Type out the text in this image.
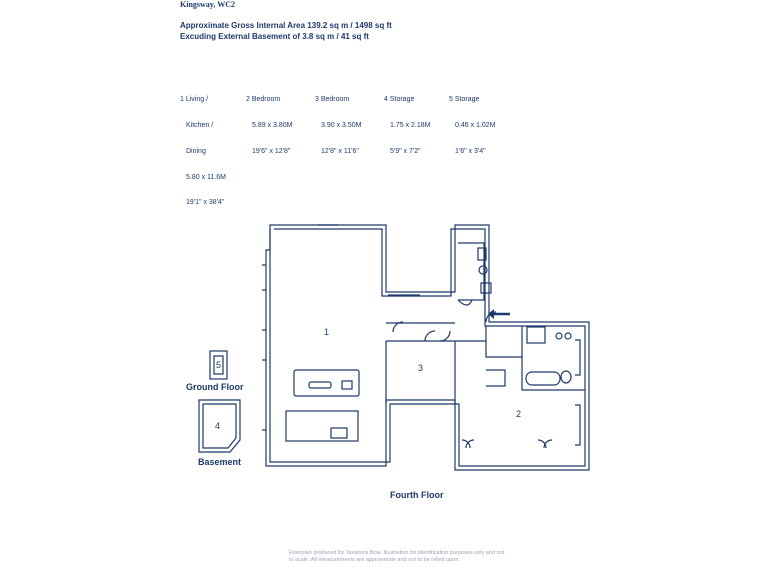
Kingsway, WC2
Approximate Gross Internal Area 139.2 sq m / 1498 sq ft
Excuding External Basement of 3.8 sq m / 41 sq ft

1 Living /

Kitchen /

Dining

5.80 x 11.6M

19'1" x 38'4"

2 Bedroom

5.89 x 3.80M

19'6" x 12'8"

3 Bedroom

3.90 x 3.50M

12'8" x 11'6"

4 Storage

1.75 x 2.18M

5'9" x 7'2"

5 Storage

0.46 x 1.02M

1'6" x 3'4"

1
2
3
4
5
Ground Floor
Basement
Fourth Floor
Floorplan produced for Tavistock Bow. Illustration for identification purposes only and not to scale. All measurements are approximate and not to be relied upon.
